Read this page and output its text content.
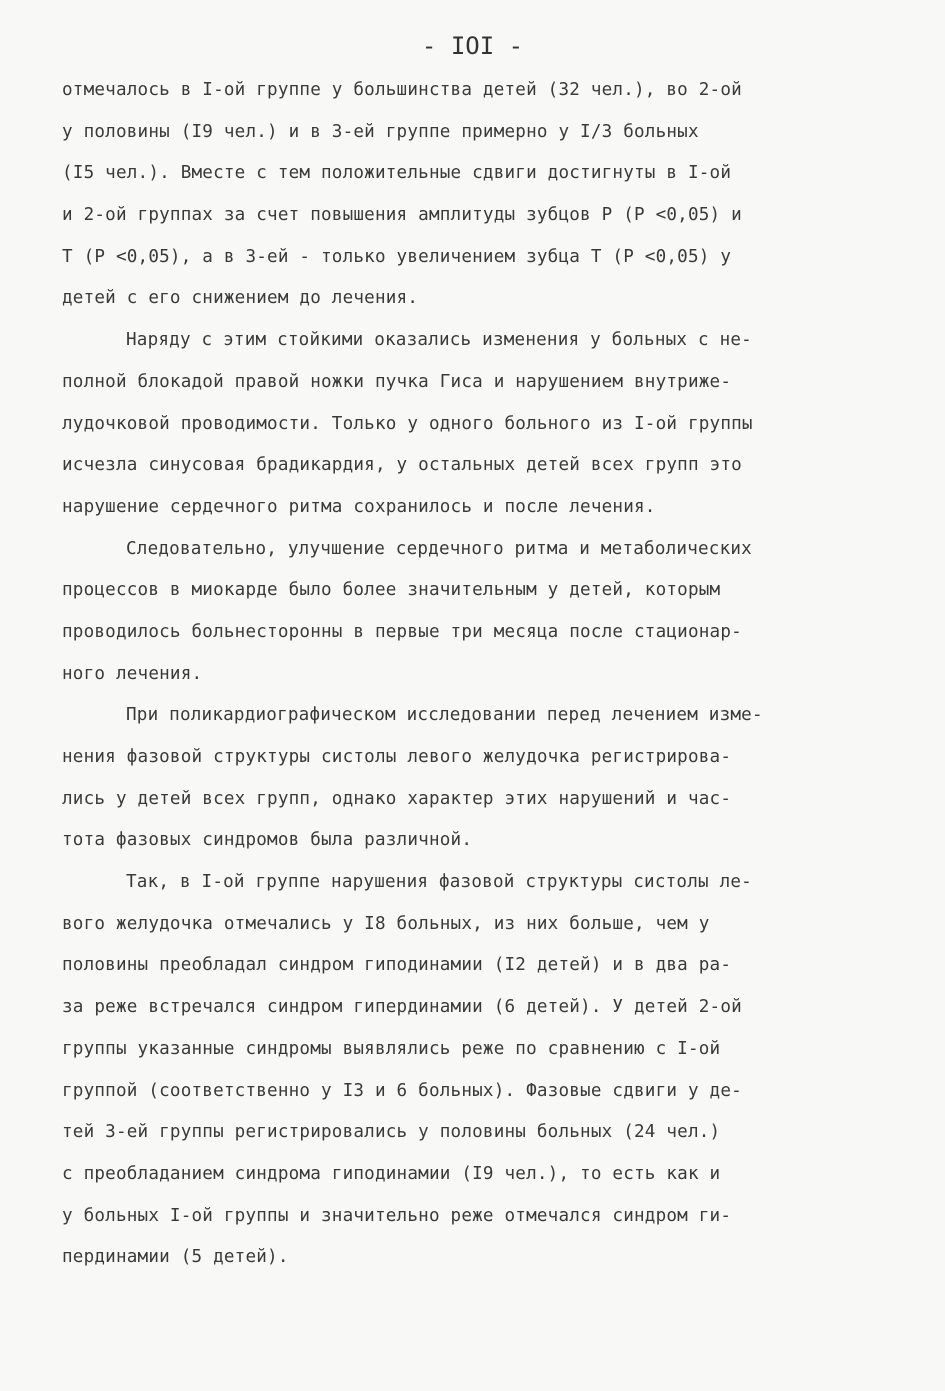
- IOI -
отмечалось в I-ой группе у большинства детей (32 чел.), во 2-ой
у половины (I9 чел.) и в 3-ей группе примерно у I/3 больных
(I5 чел.). Вместе с тем положительные сдвиги достигнуты в I-ой
и 2-ой группах за счет повышения амплитуды зубцов Р (Р <0,05) и
Т (Р <0,05), а в 3-ей - только увеличением зубца Т (Р <0,05) у
детей с его снижением до лечения.
Наряду с этим стойкими оказались изменения у больных с не-
полной блокадой правой ножки пучка Гиса и нарушением внутриже-
лудочковой проводимости. Только у одного больного из I-ой группы
исчезла синусовая брадикардия, у остальных детей всех групп это
нарушение сердечного ритма сохранилось и после лечения.
Следовательно, улучшение сердечного ритма и метаболических
процессов в миокарде было более значительным у детей, которым
проводилось больнесторонны в первые три месяца после стационар-
ного лечения.
При поликардиографическом исследовании перед лечением изме-
нения фазовой структуры систолы левого желудочка регистрирова-
лись у детей всех групп, однако характер этих нарушений и час-
тота фазовых синдромов была различной.
Так, в I-ой группе нарушения фазовой структуры систолы ле-
вого желудочка отмечались у I8 больных, из них больше, чем у
половины преобладал синдром гиподинамии (I2 детей) и в два ра-
за реже встречался синдром гипердинамии (6 детей). У детей 2-ой
группы указанные синдромы выявлялись реже по сравнению с I-ой
группой (соответственно у I3 и 6 больных). Фазовые сдвиги у де-
тей 3-ей группы регистрировались у половины больных (24 чел.)
с преобладанием синдрома гиподинамии (I9 чел.), то есть как и
у больных I-ой группы и значительно реже отмечался синдром ги-
пердинамии (5 детей).
